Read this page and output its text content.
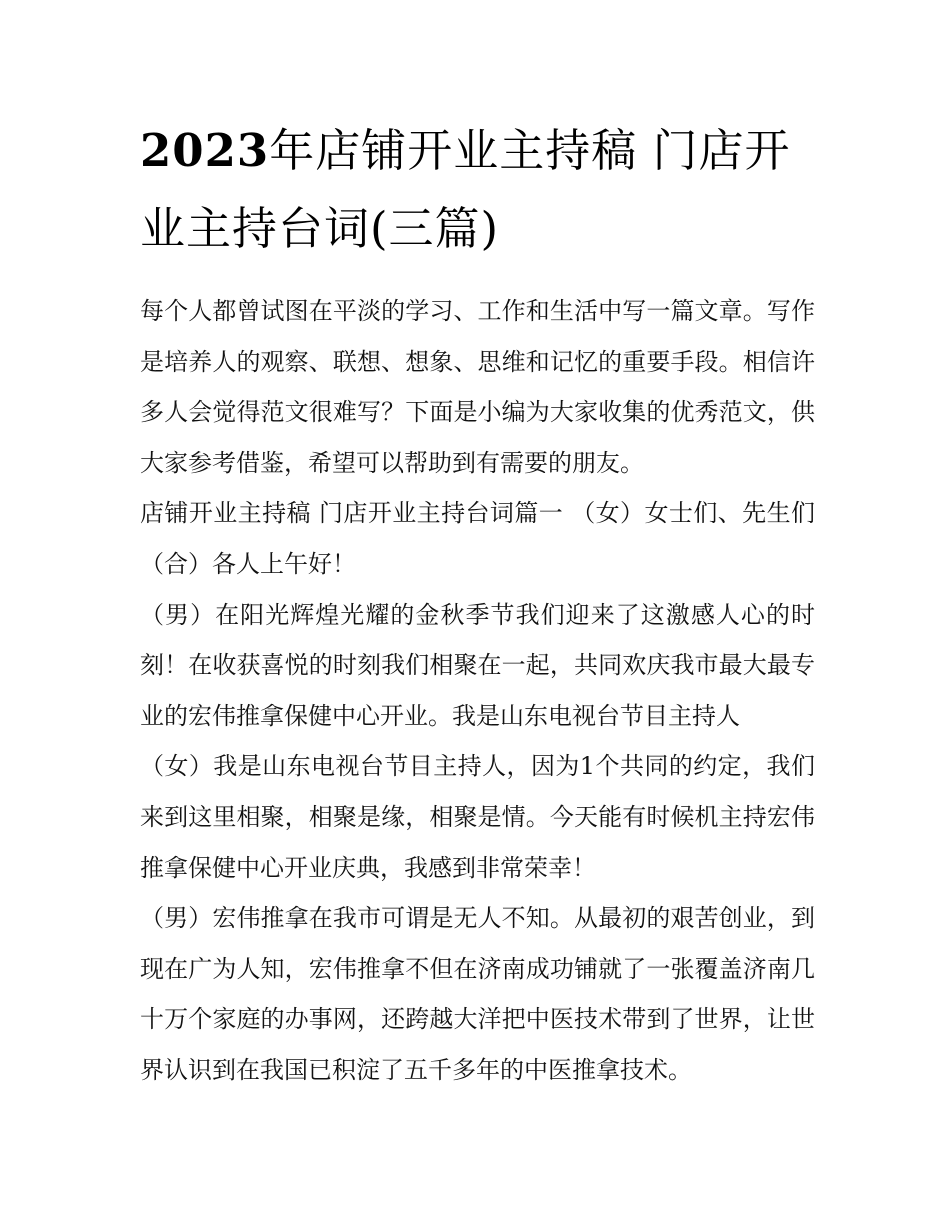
2023年店铺开业主持稿 门店开业主持台词(三篇)

每个人都曾试图在平淡的学习、工作和生活中写一篇文章。写作是培养人的观察、联想、想象、思维和记忆的重要手段。相信许多人会觉得范文很难写？下面是小编为大家收集的优秀范文，供大家参考借鉴，希望可以帮助到有需要的朋友。

店铺开业主持稿 门店开业主持台词篇一 （女）女士们、先生们 （合）各人上午好！

（男）在阳光辉煌光耀的金秋季节我们迎来了这激感人心的时刻！在收获喜悦的时刻我们相聚在一起，共同欢庆我市最大最专业的宏伟推拿保健中心开业。我是山东电视台节目主持人

（女）我是山东电视台节目主持人，因为1个共同的约定，我们来到这里相聚，相聚是缘，相聚是情。今天能有时候机主持宏伟推拿保健中心开业庆典，我感到非常荣幸！

（男）宏伟推拿在我市可谓是无人不知。从最初的艰苦创业，到现在广为人知，宏伟推拿不但在济南成功铺就了一张覆盖济南几十万个家庭的办事网，还跨越大洋把中医技术带到了世界，让世界认识到在我国已积淀了五千多年的中医推拿技术。
